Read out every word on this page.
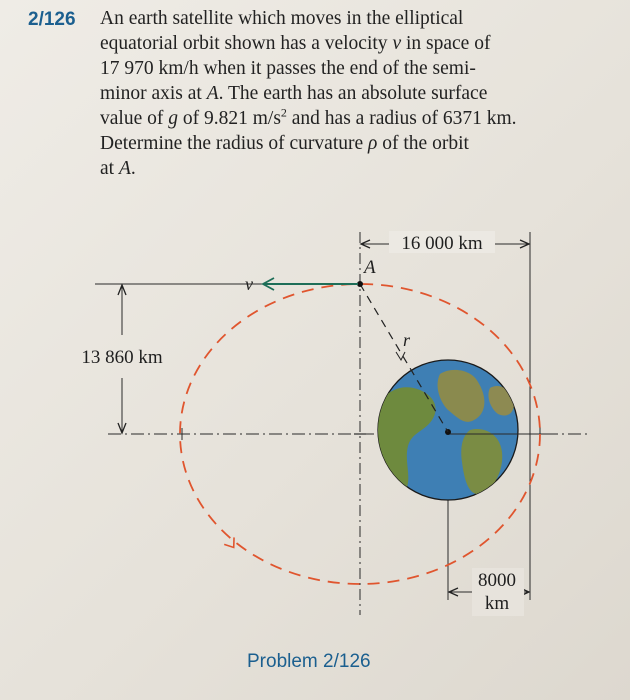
2/126 An earth satellite which moves in the elliptical
equatorial orbit shown has a velocity v in space of
17 970 km/h when it passes the end of the semi-
minor axis at A. The earth has an absolute surface
value of g of 9.821 $m/s^2$ and has a radius of 6371 km.
Determine the radius of curvature ρ of the orbit
at A.
16 000 km
13 860 km
r
A
v
8000
km
Problem 2/126
